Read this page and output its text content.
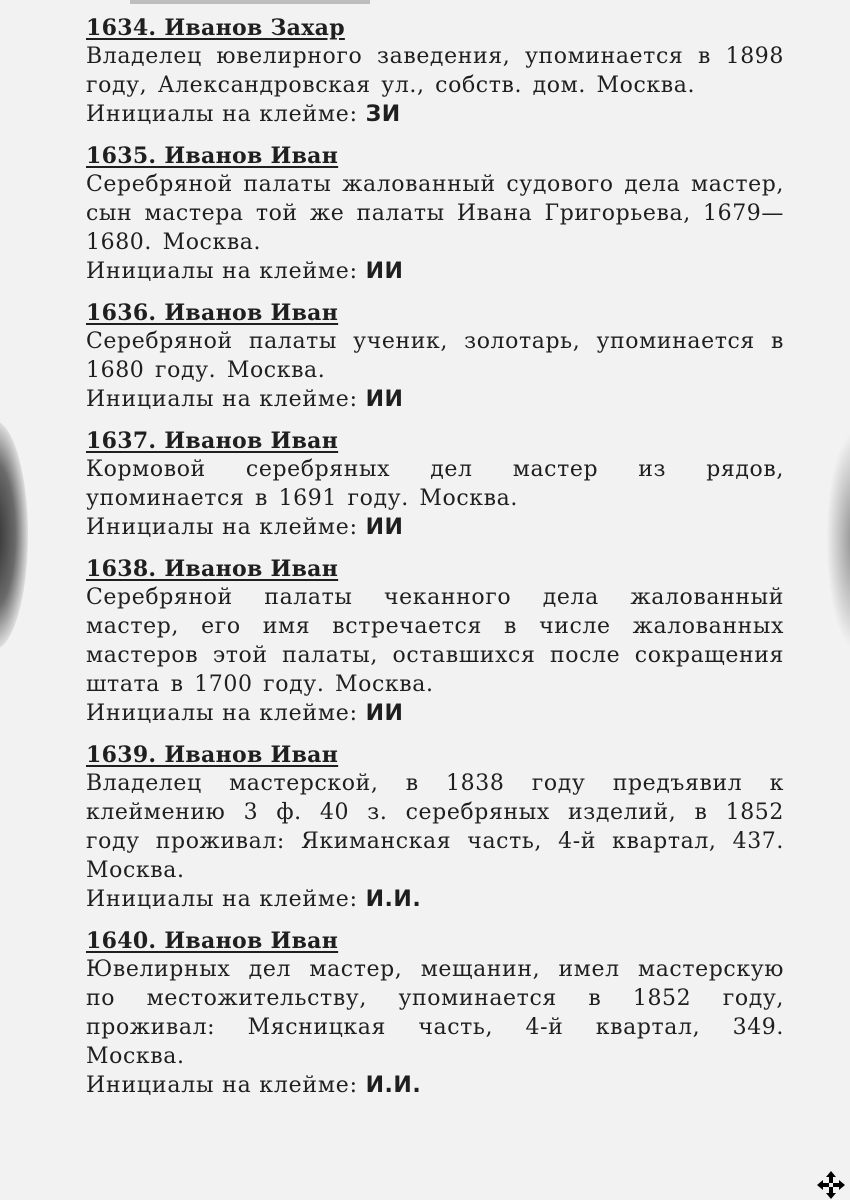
1634. Иванов Захар
Владелец ювелирного заведения, упоминается в 1898 году, Александровская ул., собств. дом. Москва.
Инициалы на клейме: ЗИ
1635. Иванов Иван
Серебряной палаты жалованный судового дела мастер, сын мастера той же палаты Ивана Григорьева, 1679—1680. Москва.
Инициалы на клейме: ИИ
1636. Иванов Иван
Серебряной палаты ученик, золотарь, упоминается в 1680 году. Москва.
Инициалы на клейме: ИИ
1637. Иванов Иван
Кормовой серебряных дел мастер из рядов, упоминается в 1691 году. Москва.
Инициалы на клейме: ИИ
1638. Иванов Иван
Серебряной палаты чеканного дела жалованный мастер, его имя встречается в числе жалованных мастеров этой палаты, оставшихся после сокращения штата в 1700 году. Москва.
Инициалы на клейме: ИИ
1639. Иванов Иван
Владелец мастерской, в 1838 году предъявил к клеймению 3 ф. 40 з. серебряных изделий, в 1852 году проживал: Якиманская часть, 4-й квартал, 437. Москва.
Инициалы на клейме: И.И.
1640. Иванов Иван
Ювелирных дел мастер, мещанин, имел мастерскую по местожительству, упоминается в 1852 году, проживал: Мясницкая часть, 4-й квартал, 349. Москва.
Инициалы на клейме: И.И.
